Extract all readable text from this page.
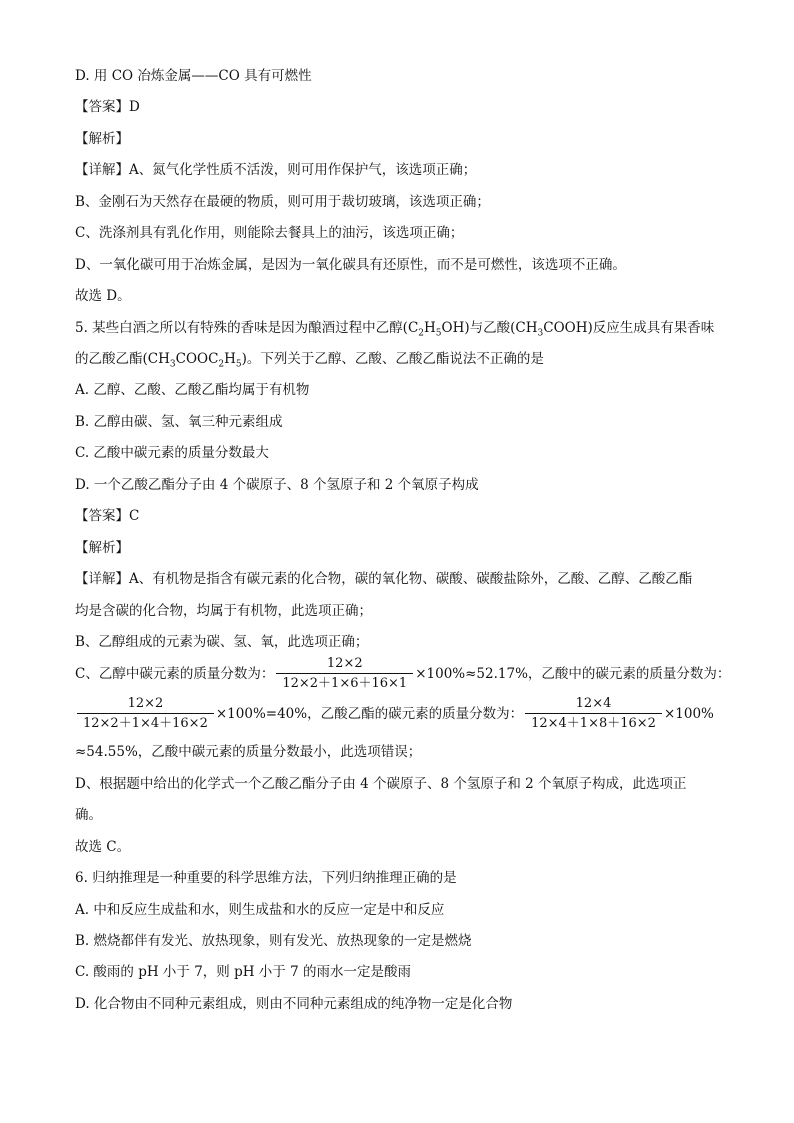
D. 用 CO 冶炼金属——CO 具有可燃性
【答案】D
【解析】
【详解】A、氮气化学性质不活泼，则可用作保护气，该选项正确；
B、金刚石为天然存在最硬的物质，则可用于裁切玻璃，该选项正确；
C、洗涤剂具有乳化作用，则能除去餐具上的油污，该选项正确；
D、一氧化碳可用于冶炼金属，是因为一氧化碳具有还原性，而不是可燃性，该选项不正确。
故选 D。
5. 某些白酒之所以有特殊的香味是因为酿酒过程中乙醇$(C_2H_5OH)$与乙酸$(CH_3COOH)$反应生成具有果香味
的乙酸乙酯$(CH_3COOC_2H_5)$。下列关于乙醇、乙酸、乙酸乙酯说法不正确的是
A. 乙醇、乙酸、乙酸乙酯均属于有机物
B. 乙醇由碳、氢、氧三种元素组成
C. 乙酸中碳元素的质量分数最大
D. 一个乙酸乙酯分子由 4 个碳原子、8 个氢原子和 2 个氧原子构成
【答案】C
【解析】
【详解】A、有机物是指含有碳元素的化合物，碳的氧化物、碳酸、碳酸盐除外，乙酸、乙醇、乙酸乙酯
均是含碳的化合物，均属于有机物，此选项正确；
B、乙醇组成的元素为碳、氢、氧，此选项正确；
C、乙醇中碳元素的质量分数为： $\frac{12\times 2}{12\times 2+1\times 6+16\times 1} \times 100\%\approx 52.17\%$，乙酸中的碳元素的质量分数为：
$\frac{12\times 2}{12\times 2+1\times 4+16\times 2} \times 100\%=40\%$，乙酸乙酯的碳元素的质量分数为： $\frac{12\times 4}{12\times 4+1\times 8+16\times 2} \times 100\%$
≈54.55%，乙酸中碳元素的质量分数最小，此选项错误；
D、根据题中给出的化学式一个乙酸乙酯分子由 4 个碳原子、8 个氢原子和 2 个氧原子构成，此选项正
确。
故选 C。
6. 归纳推理是一种重要的科学思维方法，下列归纳推理正确的是
A. 中和反应生成盐和水，则生成盐和水的反应一定是中和反应
B. 燃烧都伴有发光、放热现象，则有发光、放热现象的一定是燃烧
C. 酸雨的 pH 小于 7，则 pH 小于 7 的雨水一定是酸雨
D. 化合物由不同种元素组成，则由不同种元素组成的纯净物一定是化合物
